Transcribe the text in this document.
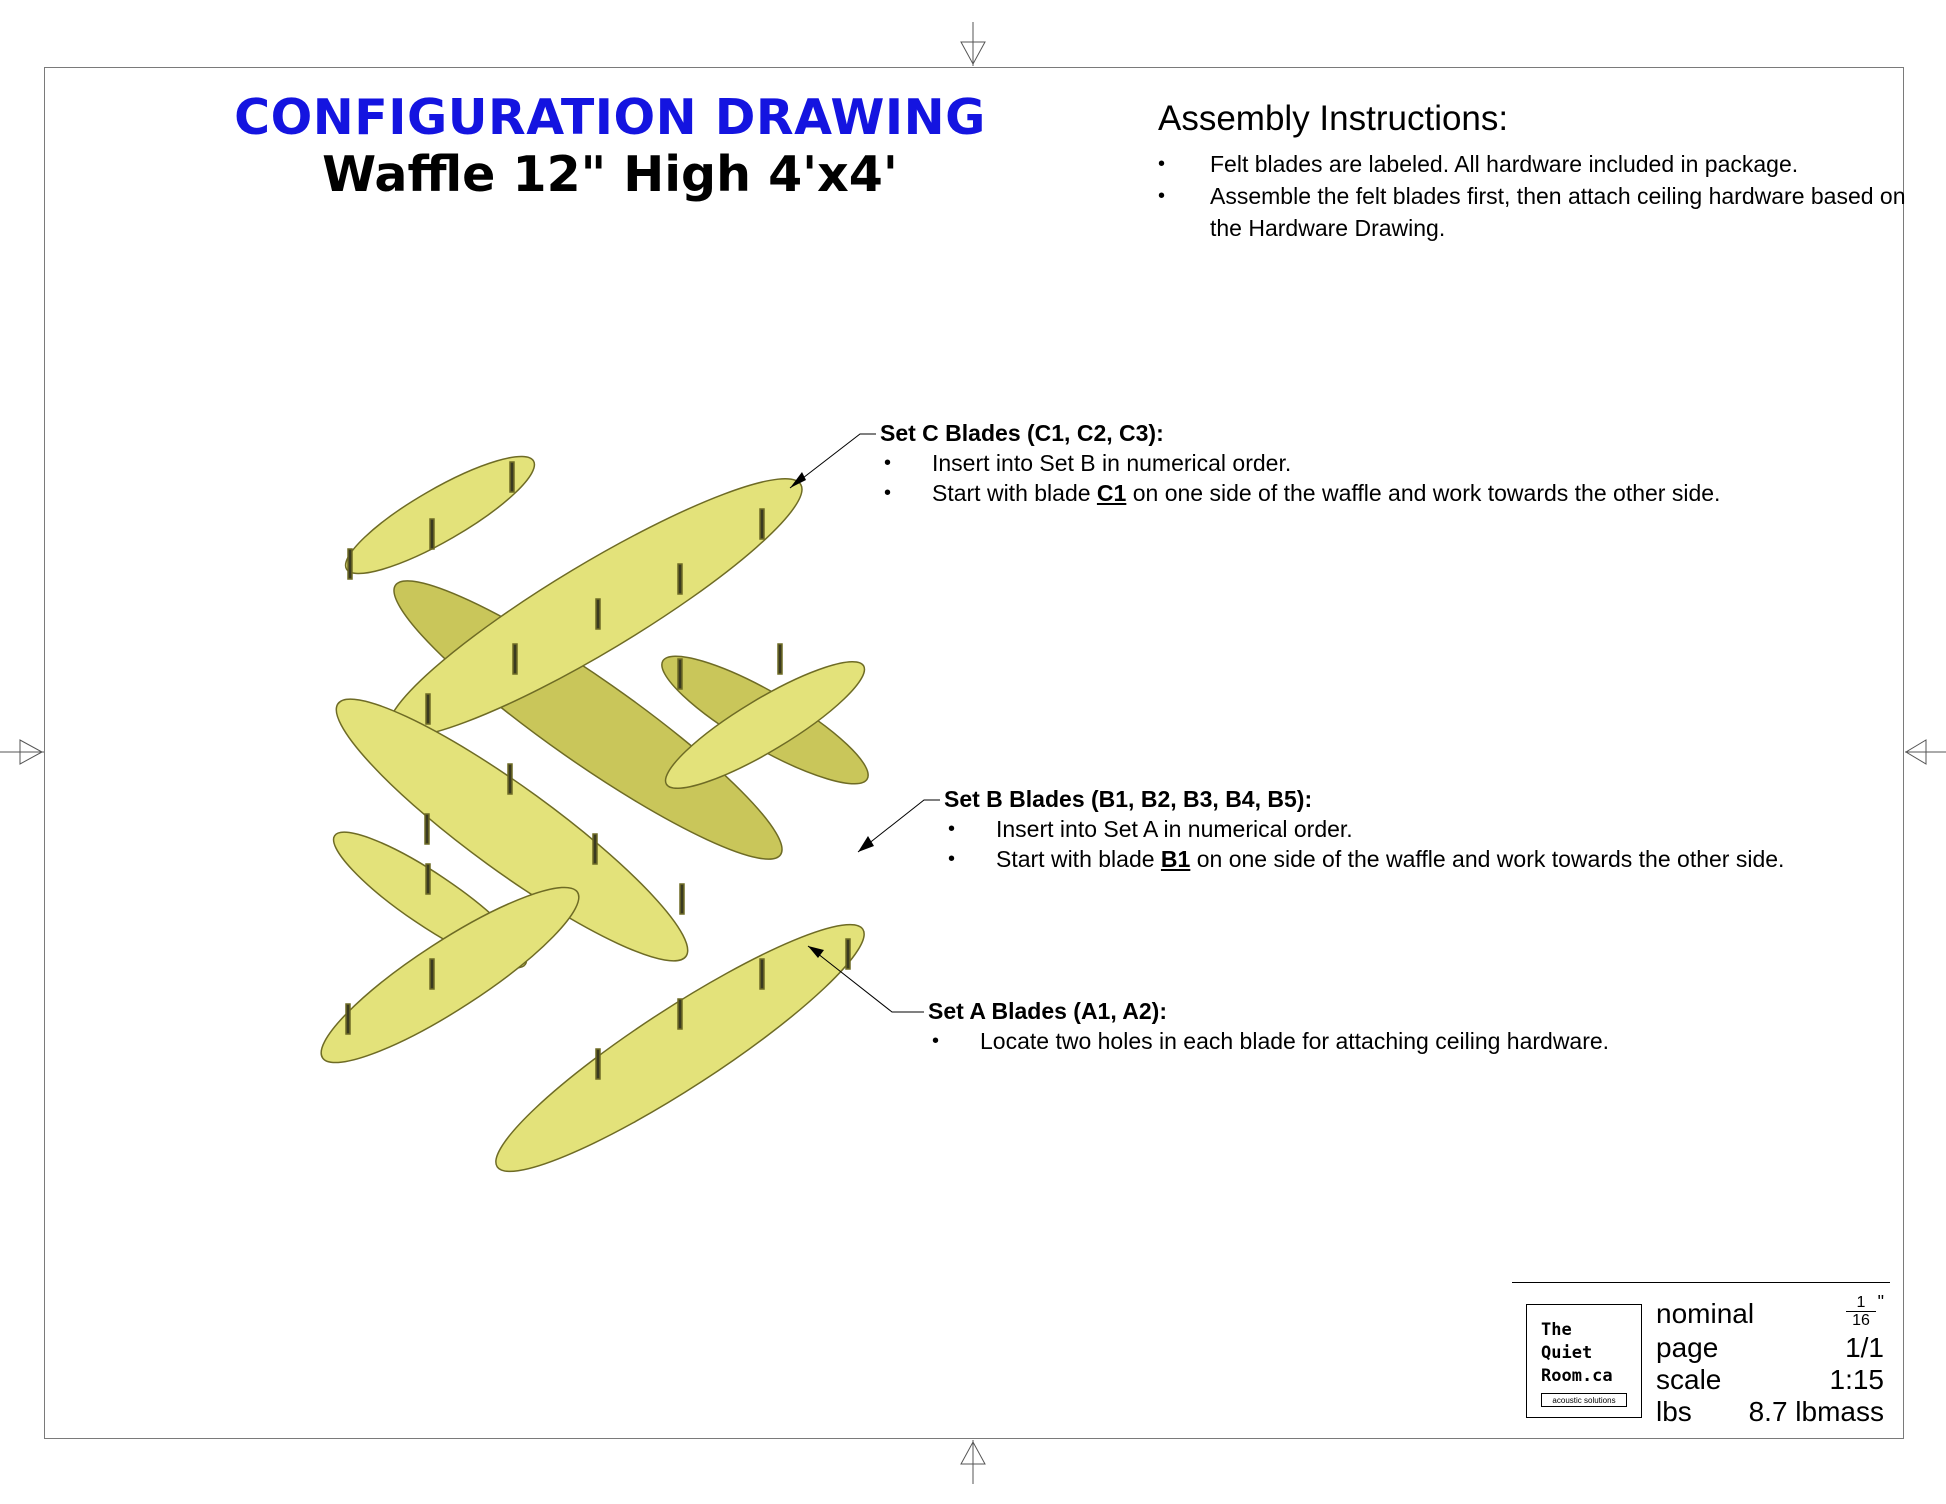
CONFIGURATION DRAWING
Waffle 12" High 4'x4'
Assembly Instructions:
• Felt blades are labeled. All hardware included in package.
• Assemble the felt blades first, then attach ceiling hardware based on the Hardware Drawing.
Set C Blades (C1, C2, C3):
• Insert into Set B in numerical order.
• Start with blade C1 on one side of the waffle and work towards the other side.
Set B Blades (B1, B2, B3, B4, B5):
• Insert into Set A in numerical order.
• Start with blade B1 on one side of the waffle and work towards the other side.
Set A Blades (A1, A2):
• Locate two holes in each blade for attaching ceiling hardware.
The
Quiet
Room.ca
acoustic solutions
nominal	1
16
"
page	1/1
scale	1:15
lbs 8.7 lbmass
